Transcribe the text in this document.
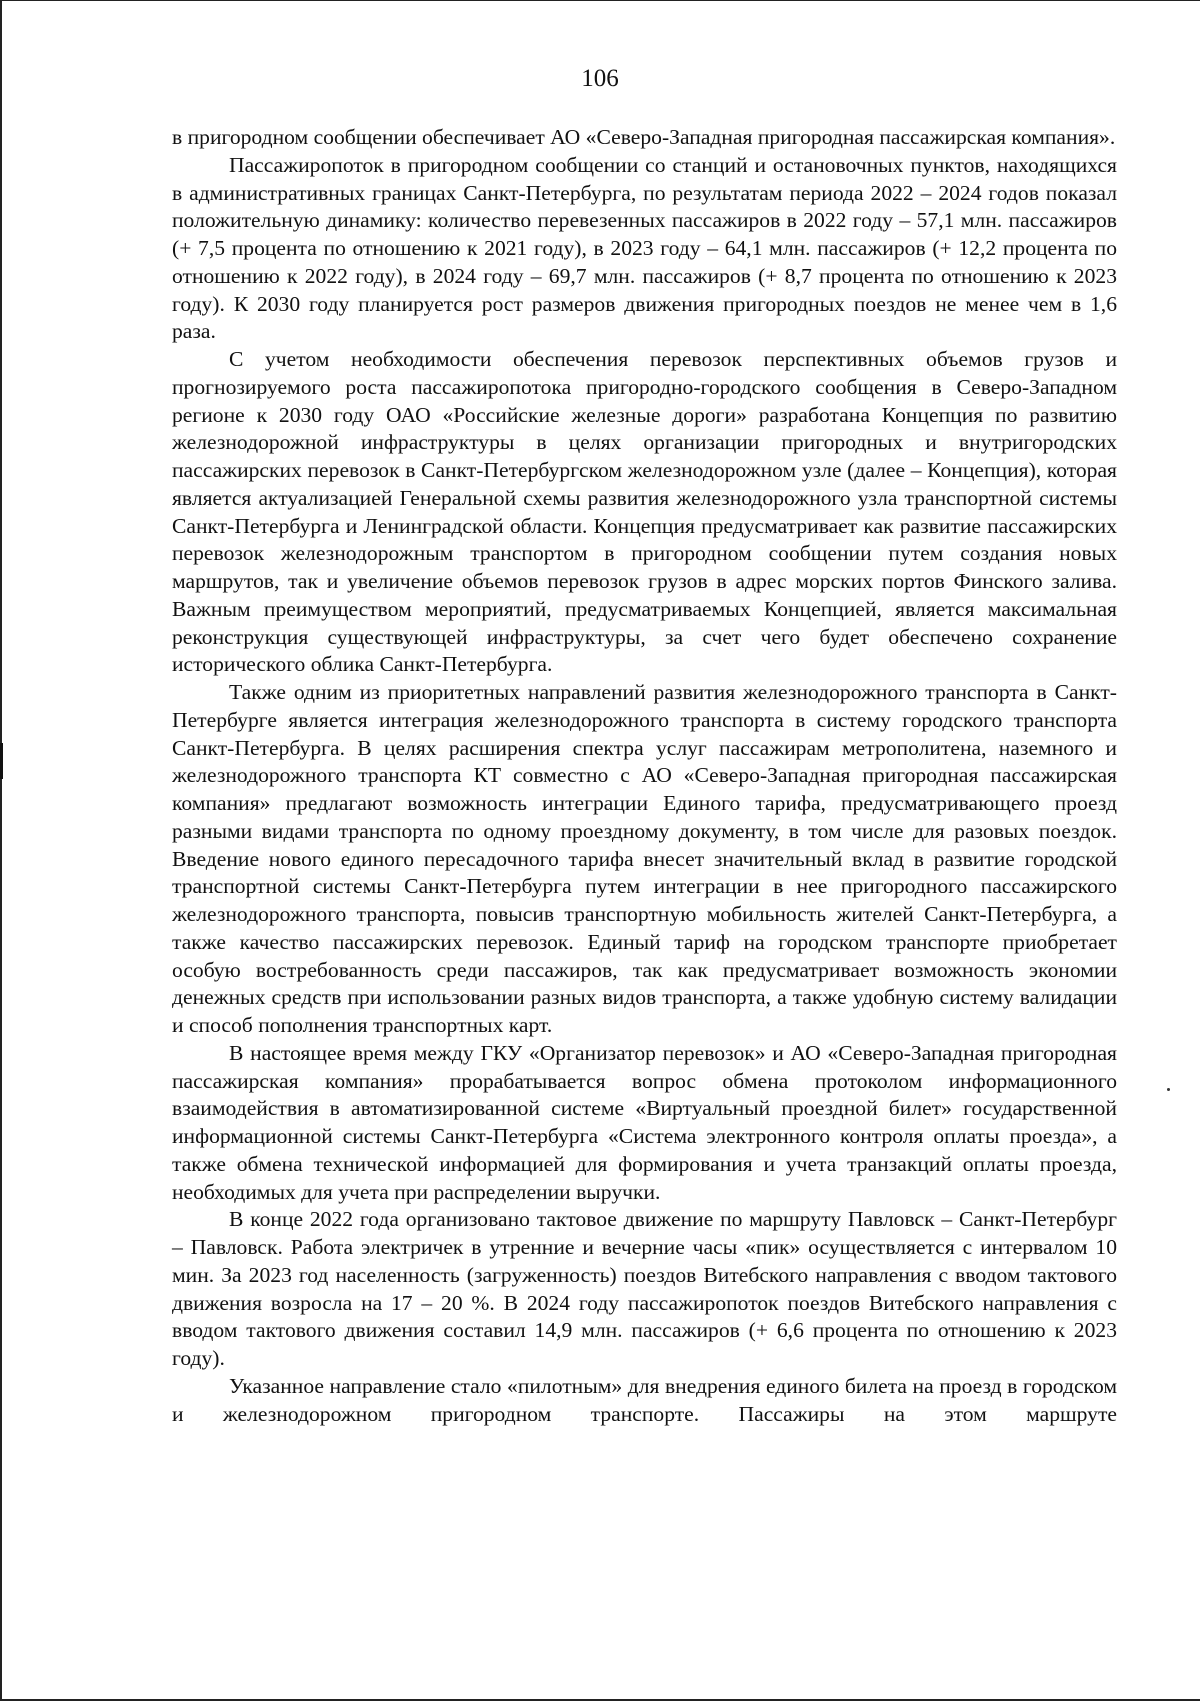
106

в пригородном сообщении обеспечивает АО «Северо-Западная пригородная пассажирская компания».

Пассажиропоток в пригородном сообщении со станций и остановочных пунктов, находящихся в административных границах Санкт-Петербурга, по результатам периода 2022 – 2024 годов показал положительную динамику: количество перевезенных пассажиров в 2022 году – 57,1 млн. пассажиров (+ 7,5 процента по отношению к 2021 году), в 2023 году – 64,1 млн. пассажиров (+ 12,2 процента по отношению к 2022 году), в 2024 году – 69,7 млн. пассажиров (+ 8,7 процента по отношению к 2023 году). К 2030 году планируется рост размеров движения пригородных поездов не менее чем в 1,6 раза.

С учетом необходимости обеспечения перевозок перспективных объемов грузов и прогнозируемого роста пассажиропотока пригородно-городского сообщения в Северо-Западном регионе к 2030 году ОАО «Российские железные дороги» разработана Концепция по развитию железнодорожной инфраструктуры в целях организации пригородных и внутригородских пассажирских перевозок в Санкт-Петербургском железнодорожном узле (далее – Концепция), которая является актуализацией Генеральной схемы развития железнодорожного узла транспортной системы Санкт-Петербурга и Ленинградской области. Концепция предусматривает как развитие пассажирских перевозок железнодорожным транспортом в пригородном сообщении путем создания новых маршрутов, так и увеличение объемов перевозок грузов в адрес морских портов Финского залива. Важным преимуществом мероприятий, предусматриваемых Концепцией, является максимальная реконструкция существующей инфраструктуры, за счет чего будет обеспечено сохранение исторического облика Санкт-Петербурга.

Также одним из приоритетных направлений развития железнодорожного транспорта в Санкт-Петербурге является интеграция железнодорожного транспорта в систему городского транспорта Санкт-Петербурга. В целях расширения спектра услуг пассажирам метрополитена, наземного и железнодорожного транспорта КТ совместно с АО «Северо-Западная пригородная пассажирская компания» предлагают возможность интеграции Единого тарифа, предусматривающего проезд разными видами транспорта по одному проездному документу, в том числе для разовых поездок. Введение нового единого пересадочного тарифа внесет значительный вклад в развитие городской транспортной системы Санкт-Петербурга путем интеграции в нее пригородного пассажирского железнодорожного транспорта, повысив транспортную мобильность жителей Санкт-Петербурга, а также качество пассажирских перевозок. Единый тариф на городском транспорте приобретает особую востребованность среди пассажиров, так как предусматривает возможность экономии денежных средств при использовании разных видов транспорта, а также удобную систему валидации и способ пополнения транспортных карт.

В настоящее время между ГКУ «Организатор перевозок» и АО «Северо-Западная пригородная пассажирская компания» прорабатывается вопрос обмена протоколом информационного взаимодействия в автоматизированной системе «Виртуальный проездной билет» государственной информационной системы Санкт-Петербурга «Система электронного контроля оплаты проезда», а также обмена технической информацией для формирования и учета транзакций оплаты проезда, необходимых для учета при распределении выручки.

В конце 2022 года организовано тактовое движение по маршруту Павловск – Санкт-Петербург – Павловск. Работа электричек в утренние и вечерние часы «пик» осуществляется с интервалом 10 мин. За 2023 год населенность (загруженность) поездов Витебского направления с вводом тактового движения возросла на 17 – 20 %. В 2024 году пассажиропоток поездов Витебского направления с вводом тактового движения составил 14,9 млн. пассажиров (+ 6,6 процента по отношению к 2023 году).

Указанное направление стало «пилотным» для внедрения единого билета на проезд в городском и железнодорожном пригородном транспорте. Пассажиры на этом маршруте
